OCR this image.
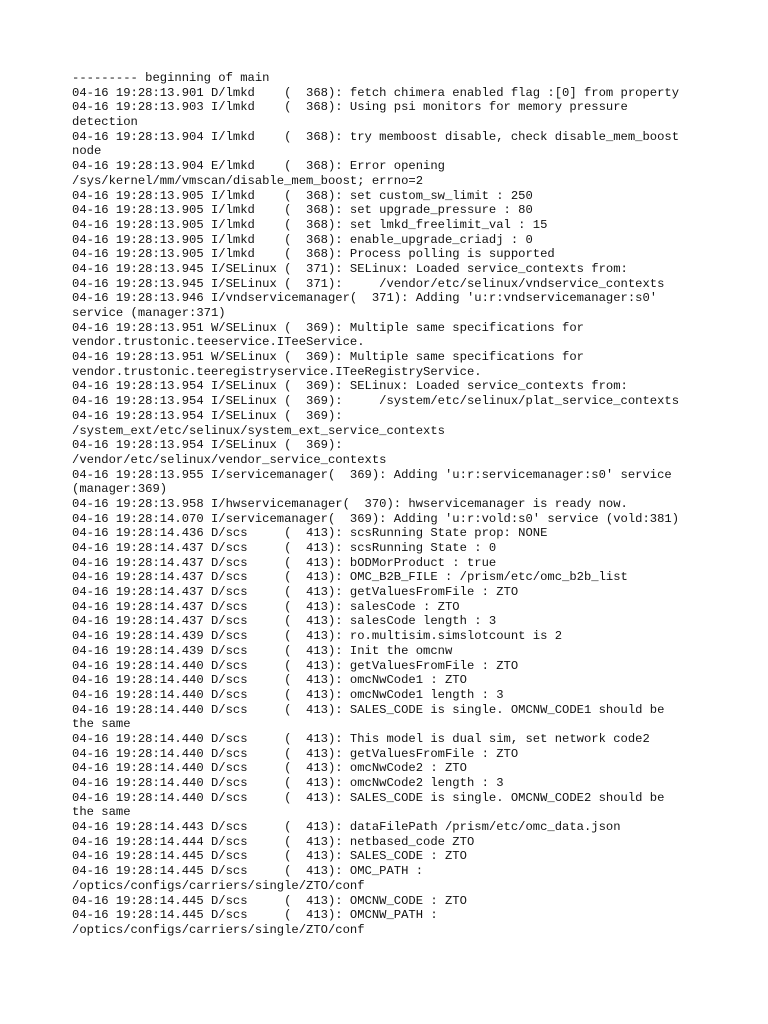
--------- beginning of main
04-16 19:28:13.901 D/lmkd    (  368): fetch chimera enabled flag :[0] from property
04-16 19:28:13.903 I/lmkd    (  368): Using psi monitors for memory pressure
detection
04-16 19:28:13.904 I/lmkd    (  368): try memboost disable, check disable_mem_boost
node
04-16 19:28:13.904 E/lmkd    (  368): Error opening
/sys/kernel/mm/vmscan/disable_mem_boost; errno=2
04-16 19:28:13.905 I/lmkd    (  368): set custom_sw_limit : 250
04-16 19:28:13.905 I/lmkd    (  368): set upgrade_pressure : 80
04-16 19:28:13.905 I/lmkd    (  368): set lmkd_freelimit_val : 15
04-16 19:28:13.905 I/lmkd    (  368): enable_upgrade_criadj : 0
04-16 19:28:13.905 I/lmkd    (  368): Process polling is supported
04-16 19:28:13.945 I/SELinux (  371): SELinux: Loaded service_contexts from:
04-16 19:28:13.945 I/SELinux (  371):     /vendor/etc/selinux/vndservice_contexts
04-16 19:28:13.946 I/vndservicemanager(  371): Adding 'u:r:vndservicemanager:s0'
service (manager:371)
04-16 19:28:13.951 W/SELinux (  369): Multiple same specifications for
vendor.trustonic.teeservice.ITeeService.
04-16 19:28:13.951 W/SELinux (  369): Multiple same specifications for
vendor.trustonic.teeregistryservice.ITeeRegistryService.
04-16 19:28:13.954 I/SELinux (  369): SELinux: Loaded service_contexts from:
04-16 19:28:13.954 I/SELinux (  369):     /system/etc/selinux/plat_service_contexts
04-16 19:28:13.954 I/SELinux (  369):
/system_ext/etc/selinux/system_ext_service_contexts
04-16 19:28:13.954 I/SELinux (  369):
/vendor/etc/selinux/vendor_service_contexts
04-16 19:28:13.955 I/servicemanager(  369): Adding 'u:r:servicemanager:s0' service
(manager:369)
04-16 19:28:13.958 I/hwservicemanager(  370): hwservicemanager is ready now.
04-16 19:28:14.070 I/servicemanager(  369): Adding 'u:r:vold:s0' service (vold:381)
04-16 19:28:14.436 D/scs     (  413): scsRunning State prop: NONE
04-16 19:28:14.437 D/scs     (  413): scsRunning State : 0
04-16 19:28:14.437 D/scs     (  413): bODMorProduct : true
04-16 19:28:14.437 D/scs     (  413): OMC_B2B_FILE : /prism/etc/omc_b2b_list
04-16 19:28:14.437 D/scs     (  413): getValuesFromFile : ZTO
04-16 19:28:14.437 D/scs     (  413): salesCode : ZTO
04-16 19:28:14.437 D/scs     (  413): salesCode length : 3
04-16 19:28:14.439 D/scs     (  413): ro.multisim.simslotcount is 2
04-16 19:28:14.439 D/scs     (  413): Init the omcnw
04-16 19:28:14.440 D/scs     (  413): getValuesFromFile : ZTO
04-16 19:28:14.440 D/scs     (  413): omcNwCode1 : ZTO
04-16 19:28:14.440 D/scs     (  413): omcNwCode1 length : 3
04-16 19:28:14.440 D/scs     (  413): SALES_CODE is single. OMCNW_CODE1 should be
the same
04-16 19:28:14.440 D/scs     (  413): This model is dual sim, set network code2
04-16 19:28:14.440 D/scs     (  413): getValuesFromFile : ZTO
04-16 19:28:14.440 D/scs     (  413): omcNwCode2 : ZTO
04-16 19:28:14.440 D/scs     (  413): omcNwCode2 length : 3
04-16 19:28:14.440 D/scs     (  413): SALES_CODE is single. OMCNW_CODE2 should be
the same
04-16 19:28:14.443 D/scs     (  413): dataFilePath /prism/etc/omc_data.json
04-16 19:28:14.444 D/scs     (  413): netbased_code ZTO
04-16 19:28:14.445 D/scs     (  413): SALES_CODE : ZTO
04-16 19:28:14.445 D/scs     (  413): OMC_PATH :
/optics/configs/carriers/single/ZTO/conf
04-16 19:28:14.445 D/scs     (  413): OMCNW_CODE : ZTO
04-16 19:28:14.445 D/scs     (  413): OMCNW_PATH :
/optics/configs/carriers/single/ZTO/conf
